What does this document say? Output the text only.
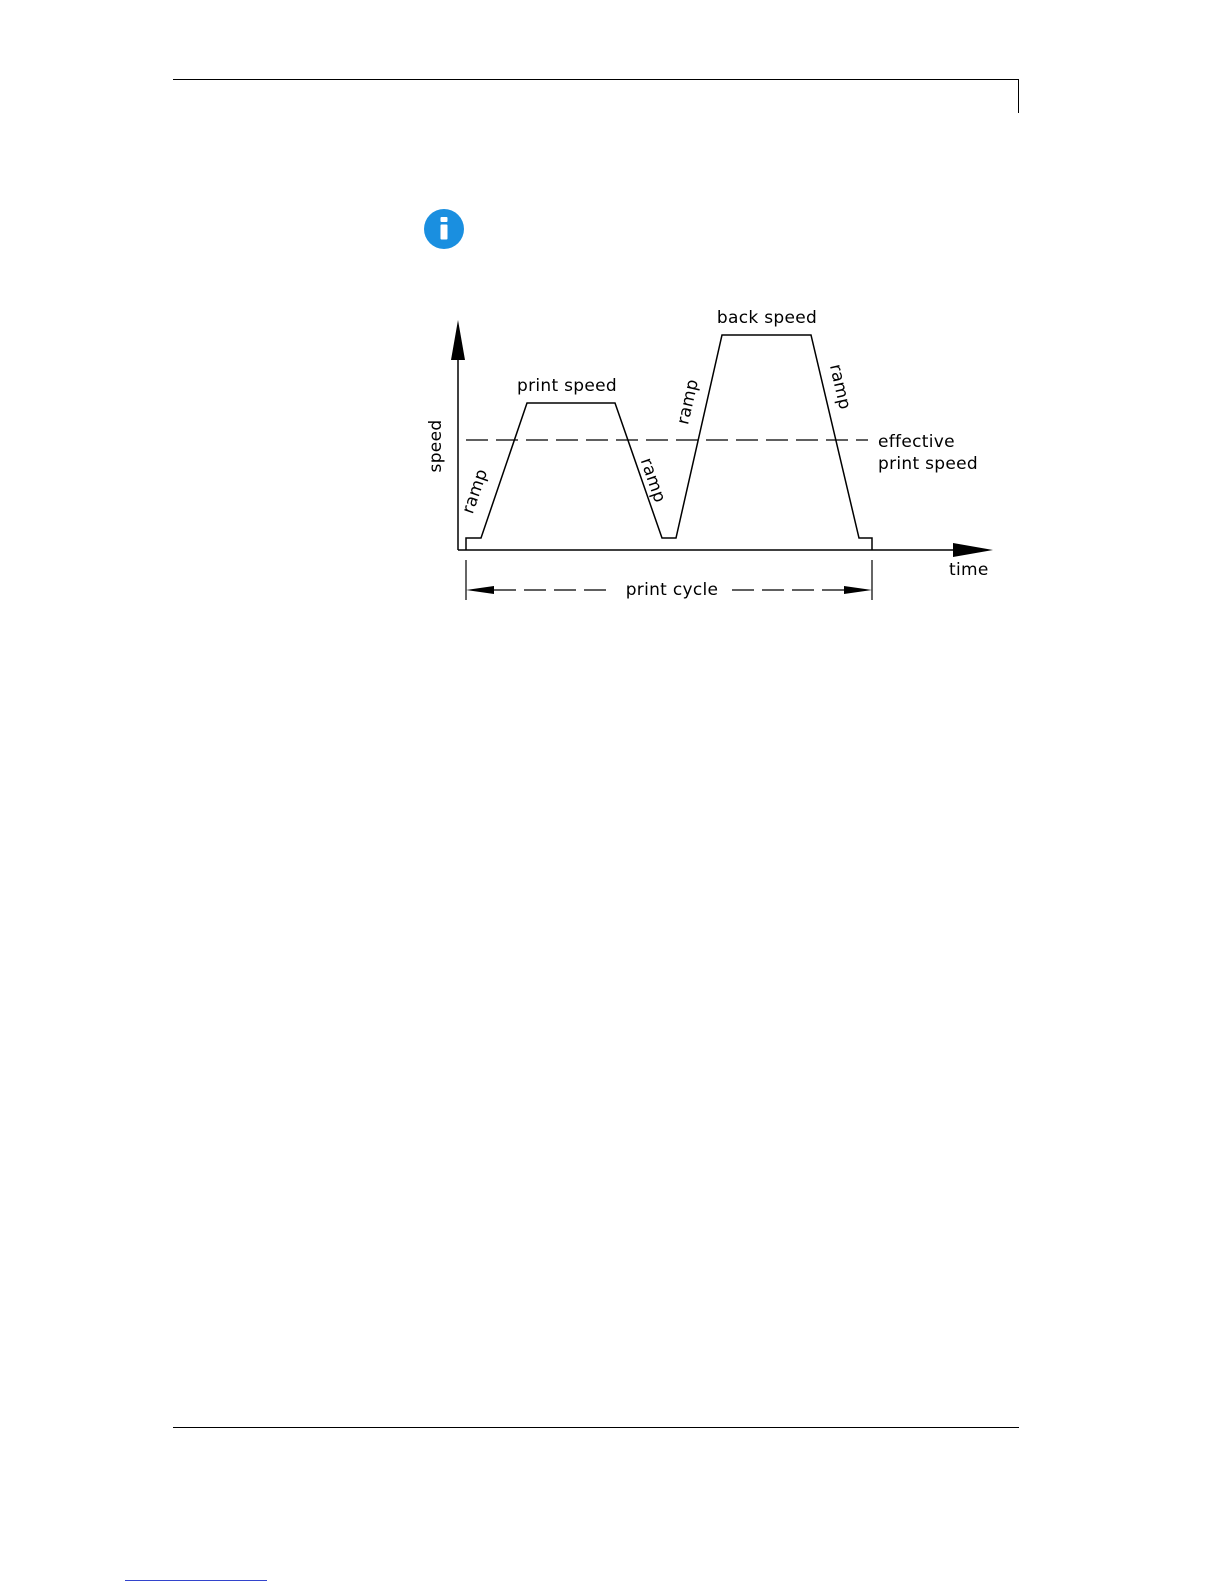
speed
time
print speed
back speed
ramp	ramp
ramp	ramp
effective
print speed
print cycle
